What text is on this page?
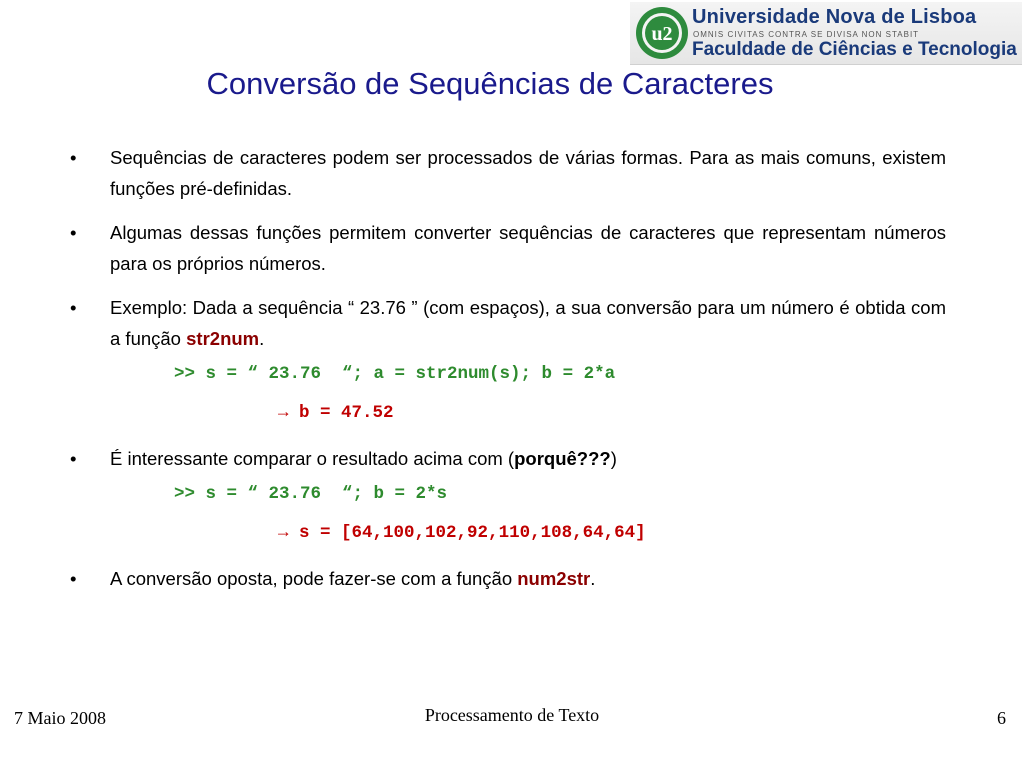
u2
Universidade Nova de Lisboa
OMNIS CIVITAS CONTRA SE DIVISA NON STABIT
Faculdade de Ciências e Tecnologia
Conversão de Sequências de Caracteres
• Sequências de caracteres podem ser processados de várias formas. Para as mais comuns, existem funções pré-definidas.
• Algumas dessas funções permitem converter sequências de caracteres que representam números para os próprios números.
• Exemplo: Dada a sequência “ 23.76 ” (com espaços), a sua conversão para um número é obtida com a função str2num.
>> s = “ 23.76  “; a = str2num(s); b = 2*a
→ b = 47.52
• É interessante comparar o resultado acima com (porquê???)
>> s = “ 23.76  “; b = 2*s
→ s = [64,100,102,92,110,108,64,64]
• A conversão oposta, pode fazer-se com a função num2str.
7 Maio 2008	Processamento de Texto	6
